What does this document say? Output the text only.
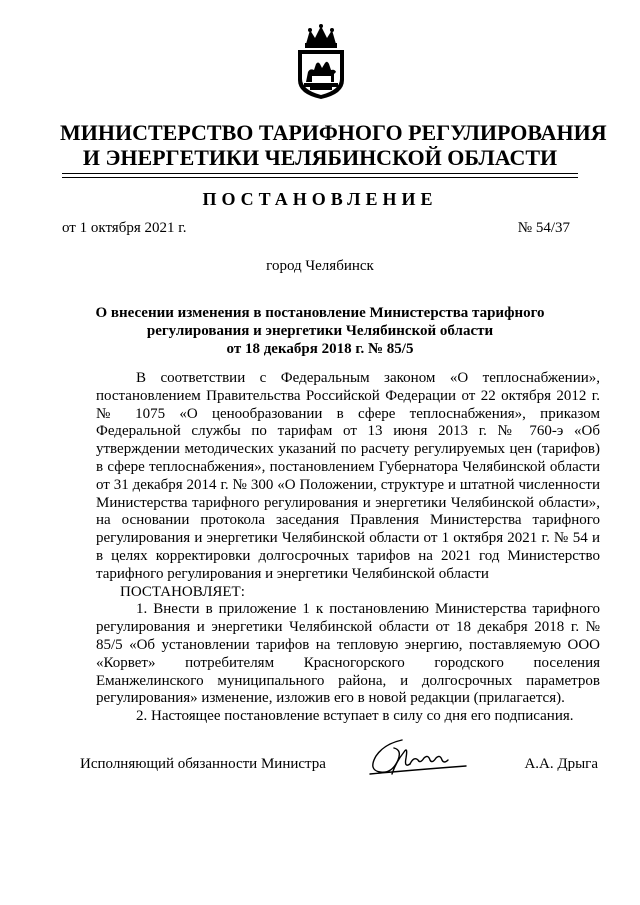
МИНИСТЕРСТВО ТАРИФНОГО РЕГУЛИРОВАНИЯ
И ЭНЕРГЕТИКИ ЧЕЛЯБИНСКОЙ ОБЛАСТИ
ПОСТАНОВЛЕНИЕ
от 1 октября 2021 г.	№ 54/37
город Челябинск
О внесении изменения в постановление Министерства тарифного
регулирования и энергетики Челябинской области
от 18 декабря 2018 г. № 85/5

В соответствии с Федеральным законом «О теплоснабжении», постановлением Правительства Российской Федерации от 22 октября 2012 г. № 1075 «О ценообразовании в сфере теплоснабжения», приказом Федеральной службы по тарифам от 13 июня 2013 г. № 760-э «Об утверждении методических указаний по расчету регулируемых цен (тарифов) в сфере теплоснабжения», постановлением Губернатора Челябинской области от 31 декабря 2014 г. № 300 «О Положении, структуре и штатной численности Министерства тарифного регулирования и энергетики Челябинской области», на основании протокола заседания Правления Министерства тарифного регулирования и энергетики Челябинской области от 1 октября 2021 г. № 54 и в целях корректировки долгосрочных тарифов на 2021 год Министерство тарифного регулирования и энергетики Челябинской области

ПОСТАНОВЛЯЕТ:

1. Внести в приложение 1 к постановлению Министерства тарифного регулирования и энергетики Челябинской области от 18 декабря 2018 г. № 85/5 «Об установлении тарифов на тепловую энергию, поставляемую ООО «Корвет» потребителям Красногорского городского поселения Еманжелинского муниципального района, и долгосрочных параметров регулирования» изменение, изложив его в новой редакции (прилагается).

2. Настоящее постановление вступает в силу со дня его подписания.

Исполняющий обязанности Министра	А.А. Дрыга
